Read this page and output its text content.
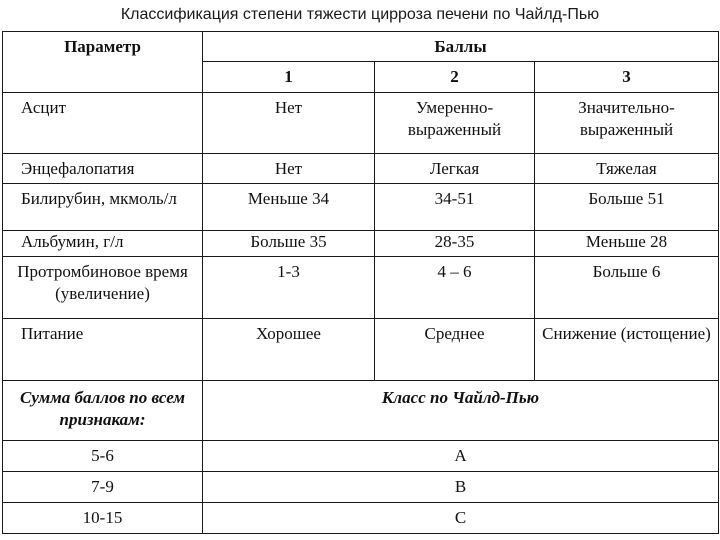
Классификация степени тяжести цирроза печени по Чайлд-Пью
Параметр	Баллы		
	1	2	3
Асцит	Нет	Умеренно-выраженный	Значительно-выраженный
Энцефалопатия	Нет	Легкая	Тяжелая
Билирубин, мкмоль/л	Меньше 34	34-51	Больше 51
Альбумин, г/л	Больше 35	28-35	Меньше 28
Протромбиновое время (увеличение)	1-3	4 – 6	Больше 6
Питание	Хорошее	Среднее	Снижение (истощение)
Сумма баллов по всем признакам:	Класс по Чайлд-Пью		
5-6	A		
7-9	B		
10-15	C		
